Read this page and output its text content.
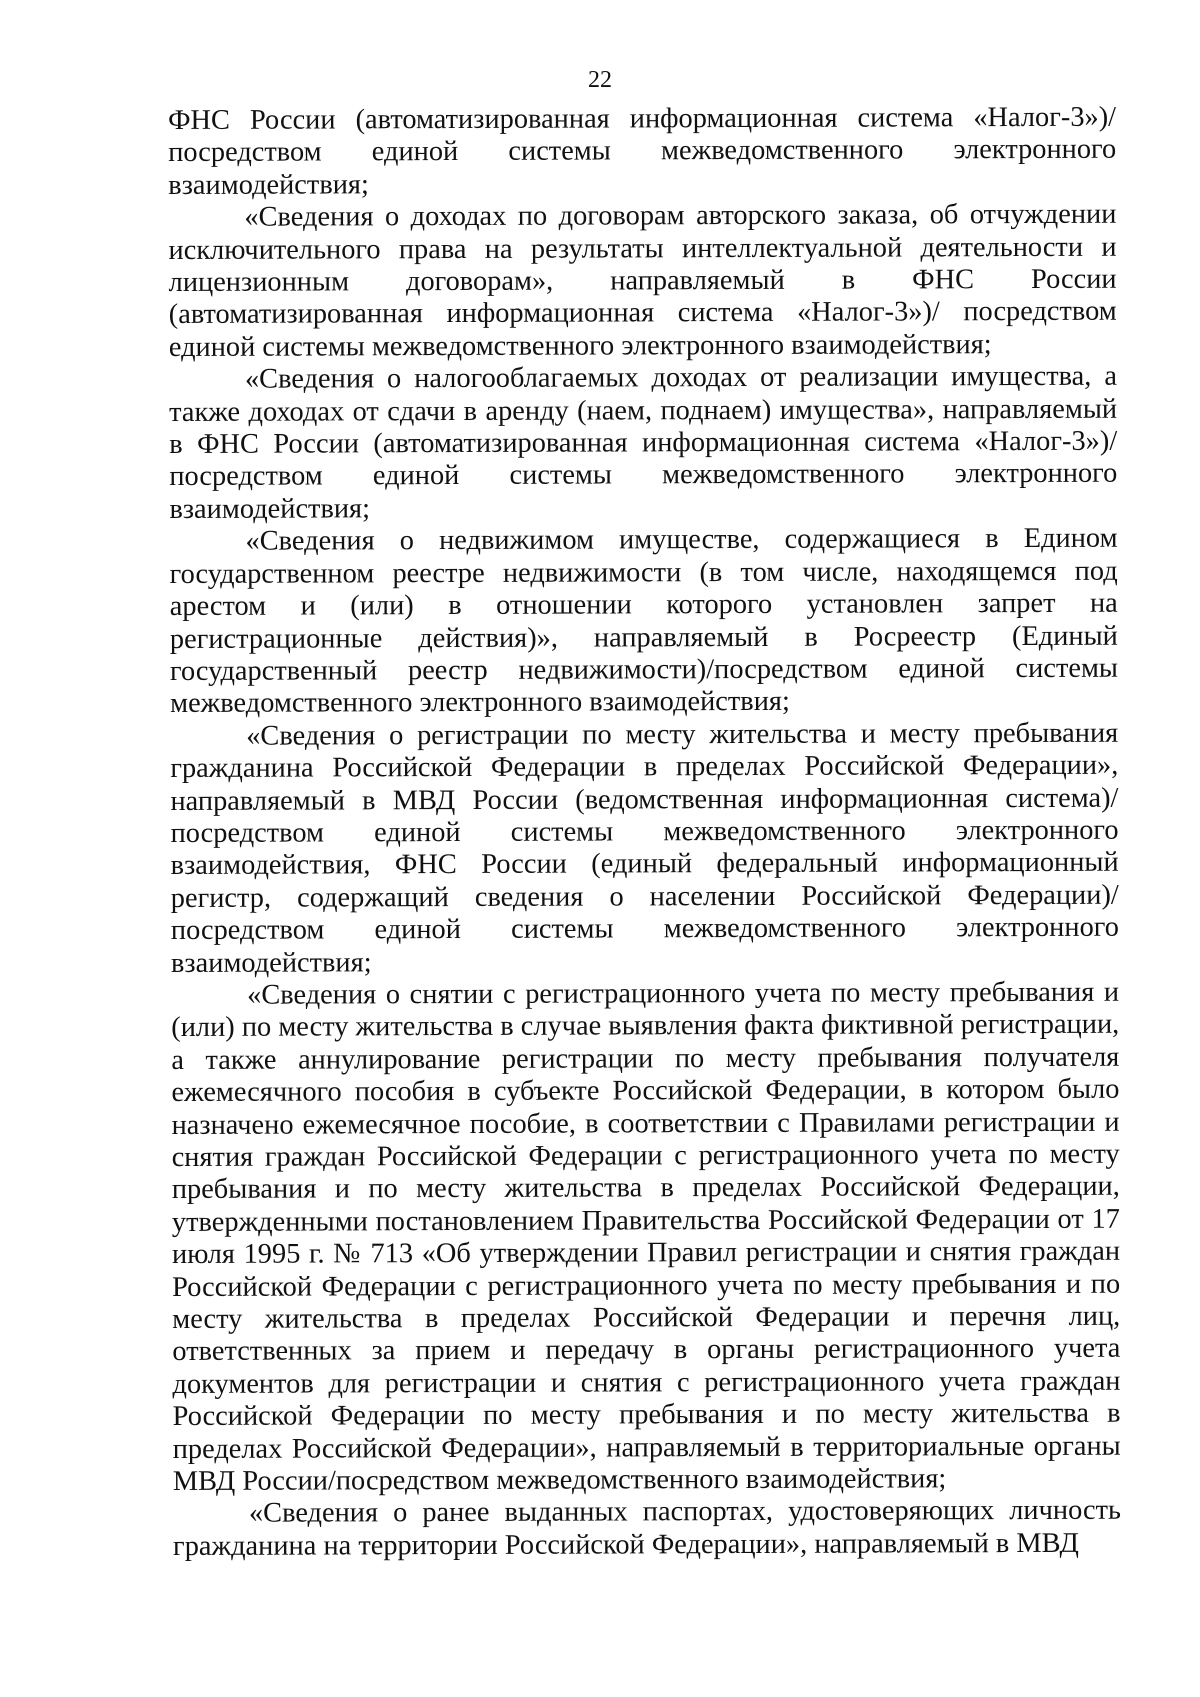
22

ФНС России (автоматизированная информационная система «Налог-3»)/ посредством единой системы межведомственного электронного взаимодействия;

«Сведения о доходах по договорам авторского заказа, об отчуждении исключительного права на результаты интеллектуальной деятельности и лицензионным договорам», направляемый в ФНС России (автоматизированная информационная система «Налог-3»)/ посредством единой системы межведомственного электронного взаимодействия;

«Сведения о налогооблагаемых доходах от реализации имущества, а также доходах от сдачи в аренду (наем, поднаем) имущества», направляемый в ФНС России (автоматизированная информационная система «Налог-3»)/ посредством единой системы межведомственного электронного взаимодействия;

«Сведения о недвижимом имуществе, содержащиеся в Едином государственном реестре недвижимости (в том числе, находящемся под арестом и (или) в отношении которого установлен запрет на регистрационные действия)», направляемый в Росреестр (Единый государственный реестр недвижимости)/посредством единой системы межведомственного электронного взаимодействия;

«Сведения о регистрации по месту жительства и месту пребывания гражданина Российской Федерации в пределах Российской Федерации», направляемый в МВД России (ведомственная информационная система)/посредством единой системы межведомственного электронного взаимодействия, ФНС России (единый федеральный информационный регистр, содержащий сведения о населении Российской Федерации)/ посредством единой системы межведомственного электронного взаимодействия;

«Сведения о снятии с регистрационного учета по месту пребывания и (или) по месту жительства в случае выявления факта фиктивной регистрации, а также аннулирование регистрации по месту пребывания получателя ежемесячного пособия в субъекте Российской Федерации, в котором было назначено ежемесячное пособие, в соответствии с Правилами регистрации и снятия граждан Российской Федерации с регистрационного учета по месту пребывания и по месту жительства в пределах Российской Федерации, утвержденными постановлением Правительства Российской Федерации от 17 июля 1995 г. № 713 «Об утверждении Правил регистрации и снятия граждан Российской Федерации с регистрационного учета по месту пребывания и по месту жительства в пределах Российской Федерации и перечня лиц, ответственных за прием и передачу в органы регистрационного учета документов для регистрации и снятия с регистрационного учета граждан Российской Федерации по месту пребывания и по месту жительства в пределах Российской Федерации», направляемый в территориальные органы МВД России/посредством межведомственного взаимодействия;

«Сведения о ранее выданных паспортах, удостоверяющих личность гражданина на территории Российской Федерации», направляемый в МВД
